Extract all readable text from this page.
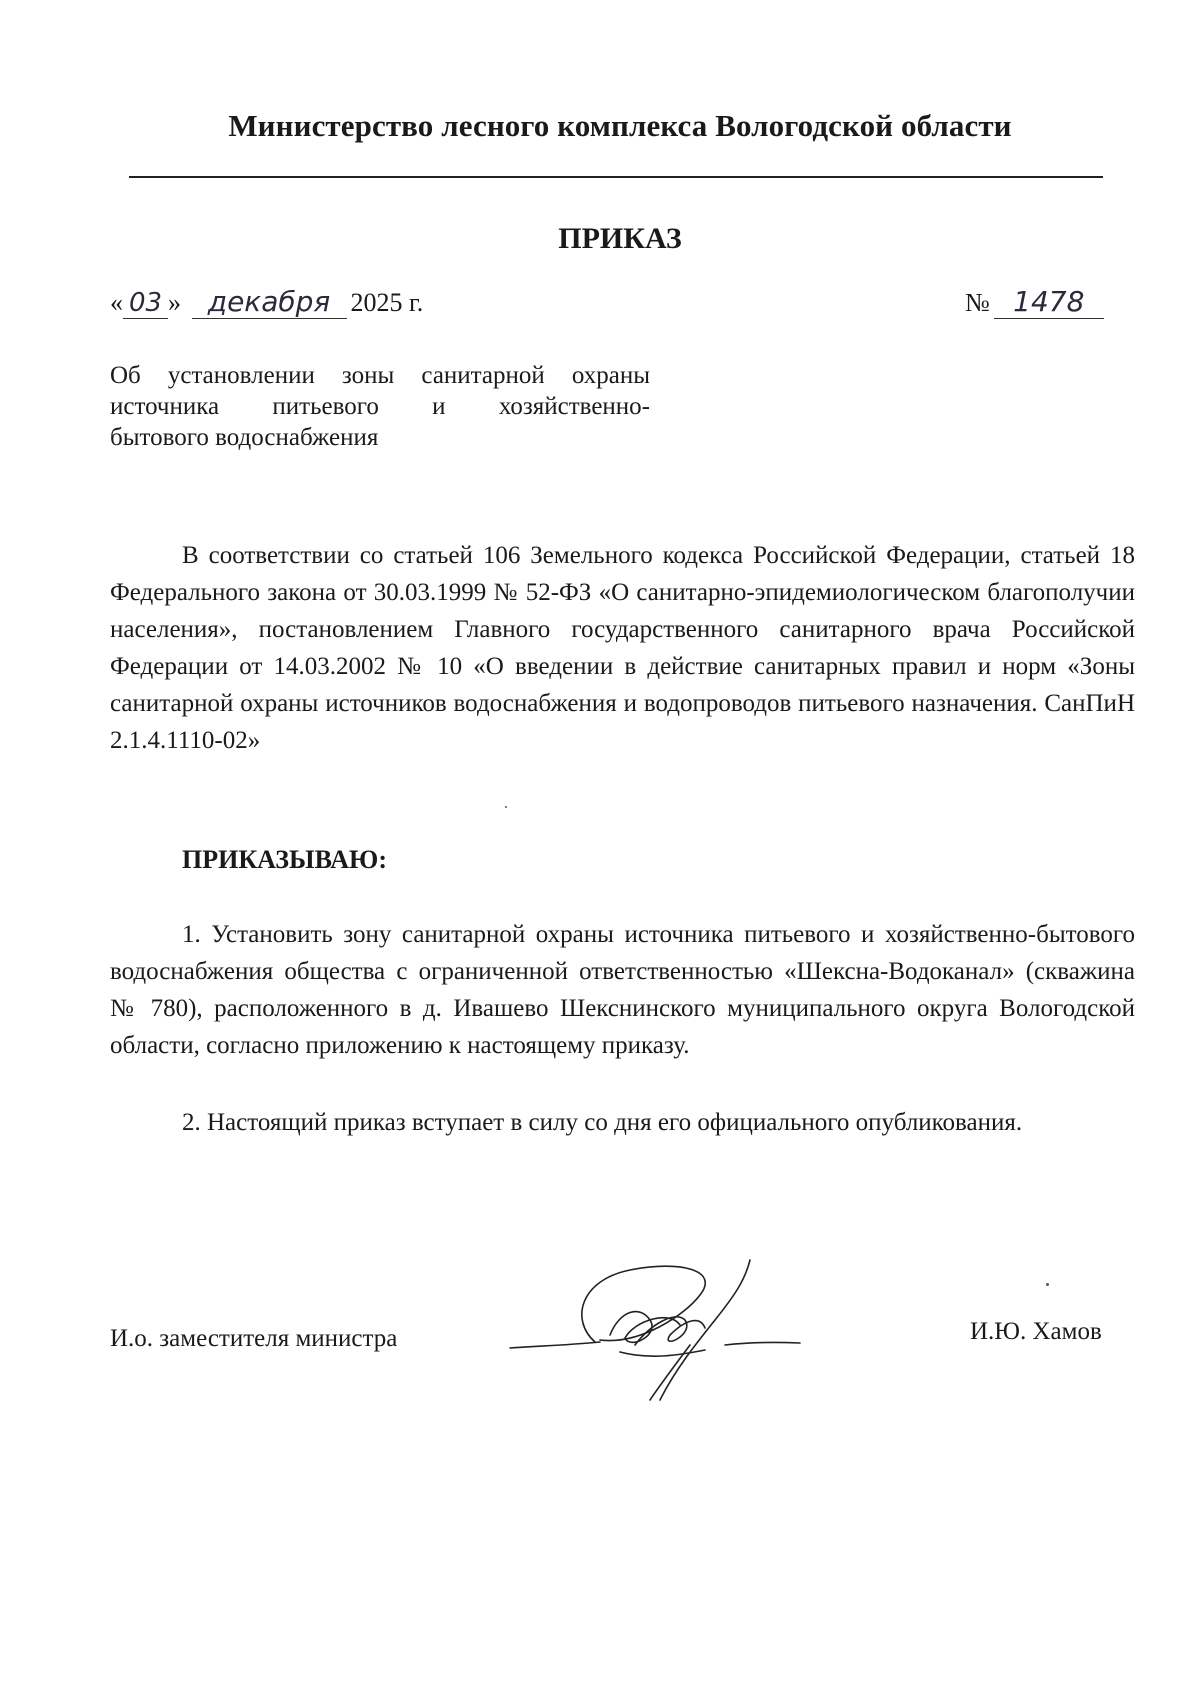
Министерство лесного комплекса Вологодской области
ПРИКАЗ
« 03 » декабря 2025 г.	№ 1478

Об установлении зоны санитарной охраны

источника питьевого и хозяйственно-

бытового водоснабжения

В соответствии со статьей 106 Земельного кодекса Российской Федерации, статьей 18 Федерального закона от 30.03.1999 № 52-ФЗ «О санитарно-эпидемиологическом благополучии населения», постановлением Главного государственного санитарного врача Российской Федерации от 14.03.2002 № 10 «О введении в действие санитарных правил и норм «Зоны санитарной охраны источников водоснабжения и водопроводов питьевого назначения. СанПиН 2.1.4.1110-02»
ПРИКАЗЫВАЮ:
1. Установить зону санитарной охраны источника питьевого и хозяйственно-бытового водоснабжения общества с ограниченной ответственностью «Шексна-Водоканал» (скважина № 780), расположенного в д. Ивашево Шекснинского муниципального округа Вологодской области, согласно приложению к настоящему приказу.
2. Настоящий приказ вступает в силу со дня его официального опубликования.
И.о. заместителя министра	И.Ю. Хамов
